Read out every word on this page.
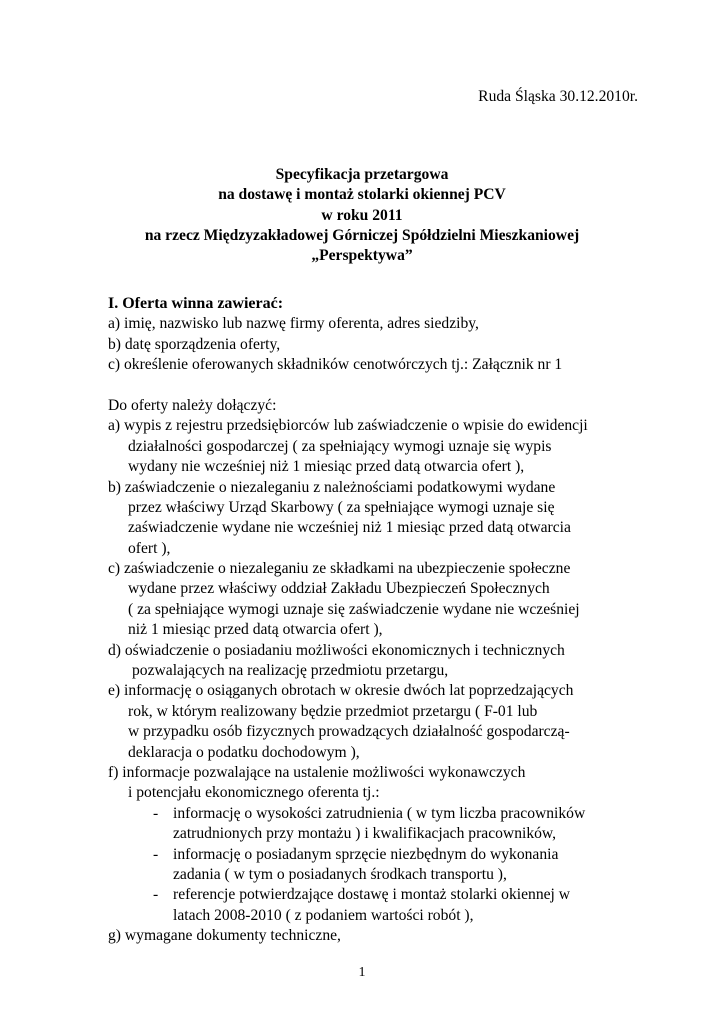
Ruda Śląska 30.12.2010r.
Specyfikacja przetargowa
na dostawę i montaż stolarki okiennej PCV
w roku 2011
na rzecz Międzyzakładowej Górniczej Spółdzielni Mieszkaniowej
„Perspektywa”
I. Oferta winna zawierać:
a) imię, nazwisko lub nazwę firmy oferenta, adres siedziby,
b) datę sporządzenia oferty,
c) określenie oferowanych składników cenotwórczych tj.: Załącznik nr 1
Do oferty należy dołączyć:
a) wypis z rejestru przedsiębiorców lub zaświadczenie o wpisie do ewidencji
działalności gospodarczej ( za spełniający wymogi uznaje się wypis
wydany nie wcześniej niż 1 miesiąc przed datą otwarcia ofert ),
b) zaświadczenie o niezaleganiu z należnościami podatkowymi wydane
przez właściwy Urząd Skarbowy ( za spełniające wymogi uznaje się
zaświadczenie wydane nie wcześniej niż 1 miesiąc przed datą otwarcia
ofert ),
c) zaświadczenie o niezaleganiu ze składkami na ubezpieczenie społeczne
wydane przez właściwy oddział Zakładu Ubezpieczeń Społecznych
( za spełniające wymogi uznaje się zaświadczenie wydane nie wcześniej
niż 1 miesiąc przed datą otwarcia ofert ),
d) oświadczenie o posiadaniu możliwości ekonomicznych i technicznych
pozwalających na realizację przedmiotu przetargu,
e) informację o osiąganych obrotach w okresie dwóch lat poprzedzających
rok, w którym realizowany będzie przedmiot przetargu ( F-01 lub
w przypadku osób fizycznych prowadzących działalność gospodarczą-
deklaracja o podatku dochodowym ),
f) informacje pozwalające na ustalenie możliwości wykonawczych
i potencjału ekonomicznego oferenta tj.:
- informację o wysokości zatrudnienia ( w tym liczba pracowników
zatrudnionych przy montażu ) i kwalifikacjach pracowników,
- informację o posiadanym sprzęcie niezbędnym do wykonania
zadania ( w tym o posiadanych środkach transportu ),
- referencje potwierdzające dostawę i montaż stolarki okiennej w
latach 2008-2010 ( z podaniem wartości robót ),
g) wymagane dokumenty techniczne,
1
